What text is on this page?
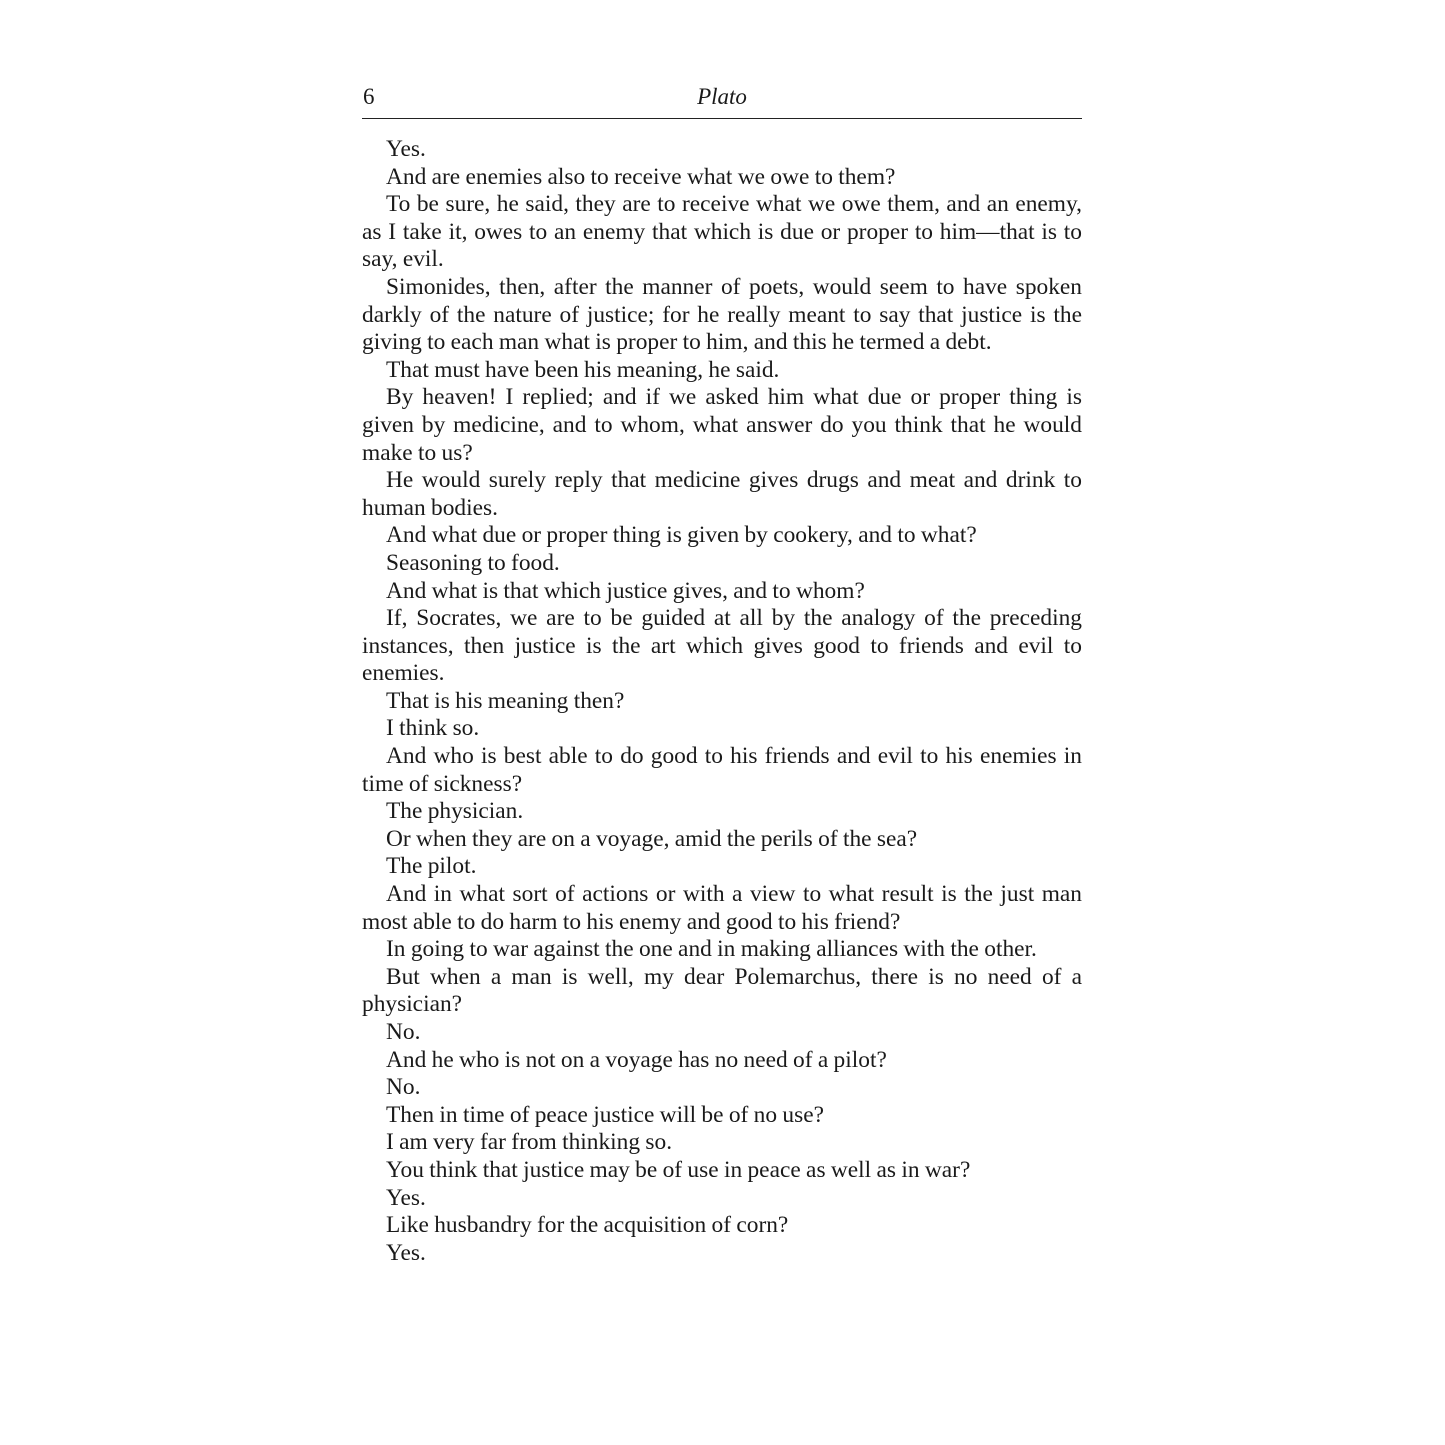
6	Plato

Yes.

And are enemies also to receive what we owe to them?

To be sure, he said, they are to receive what we owe them, and an enemy, as I take it, owes to an enemy that which is due or proper to him—that is to say, evil.

Simonides, then, after the manner of poets, would seem to have spoken darkly of the nature of justice; for he really meant to say that justice is the giving to each man what is proper to him, and this he termed a debt.

That must have been his meaning, he said.

By heaven! I replied; and if we asked him what due or proper thing is given by medicine, and to whom, what answer do you think that he would make to us?

He would surely reply that medicine gives drugs and meat and drink to human bodies.

And what due or proper thing is given by cookery, and to what?

Seasoning to food.

And what is that which justice gives, and to whom?

If, Socrates, we are to be guided at all by the analogy of the preceding instances, then justice is the art which gives good to friends and evil to enemies.

That is his meaning then?

I think so.

And who is best able to do good to his friends and evil to his enemies in time of sickness?

The physician.

Or when they are on a voyage, amid the perils of the sea?

The pilot.

And in what sort of actions or with a view to what result is the just man most able to do harm to his enemy and good to his friend?

In going to war against the one and in making alliances with the other.

But when a man is well, my dear Polemarchus, there is no need of a physician?

No.

And he who is not on a voyage has no need of a pilot?

No.

Then in time of peace justice will be of no use?

I am very far from thinking so.

You think that justice may be of use in peace as well as in war?

Yes.

Like husbandry for the acquisition of corn?

Yes.
